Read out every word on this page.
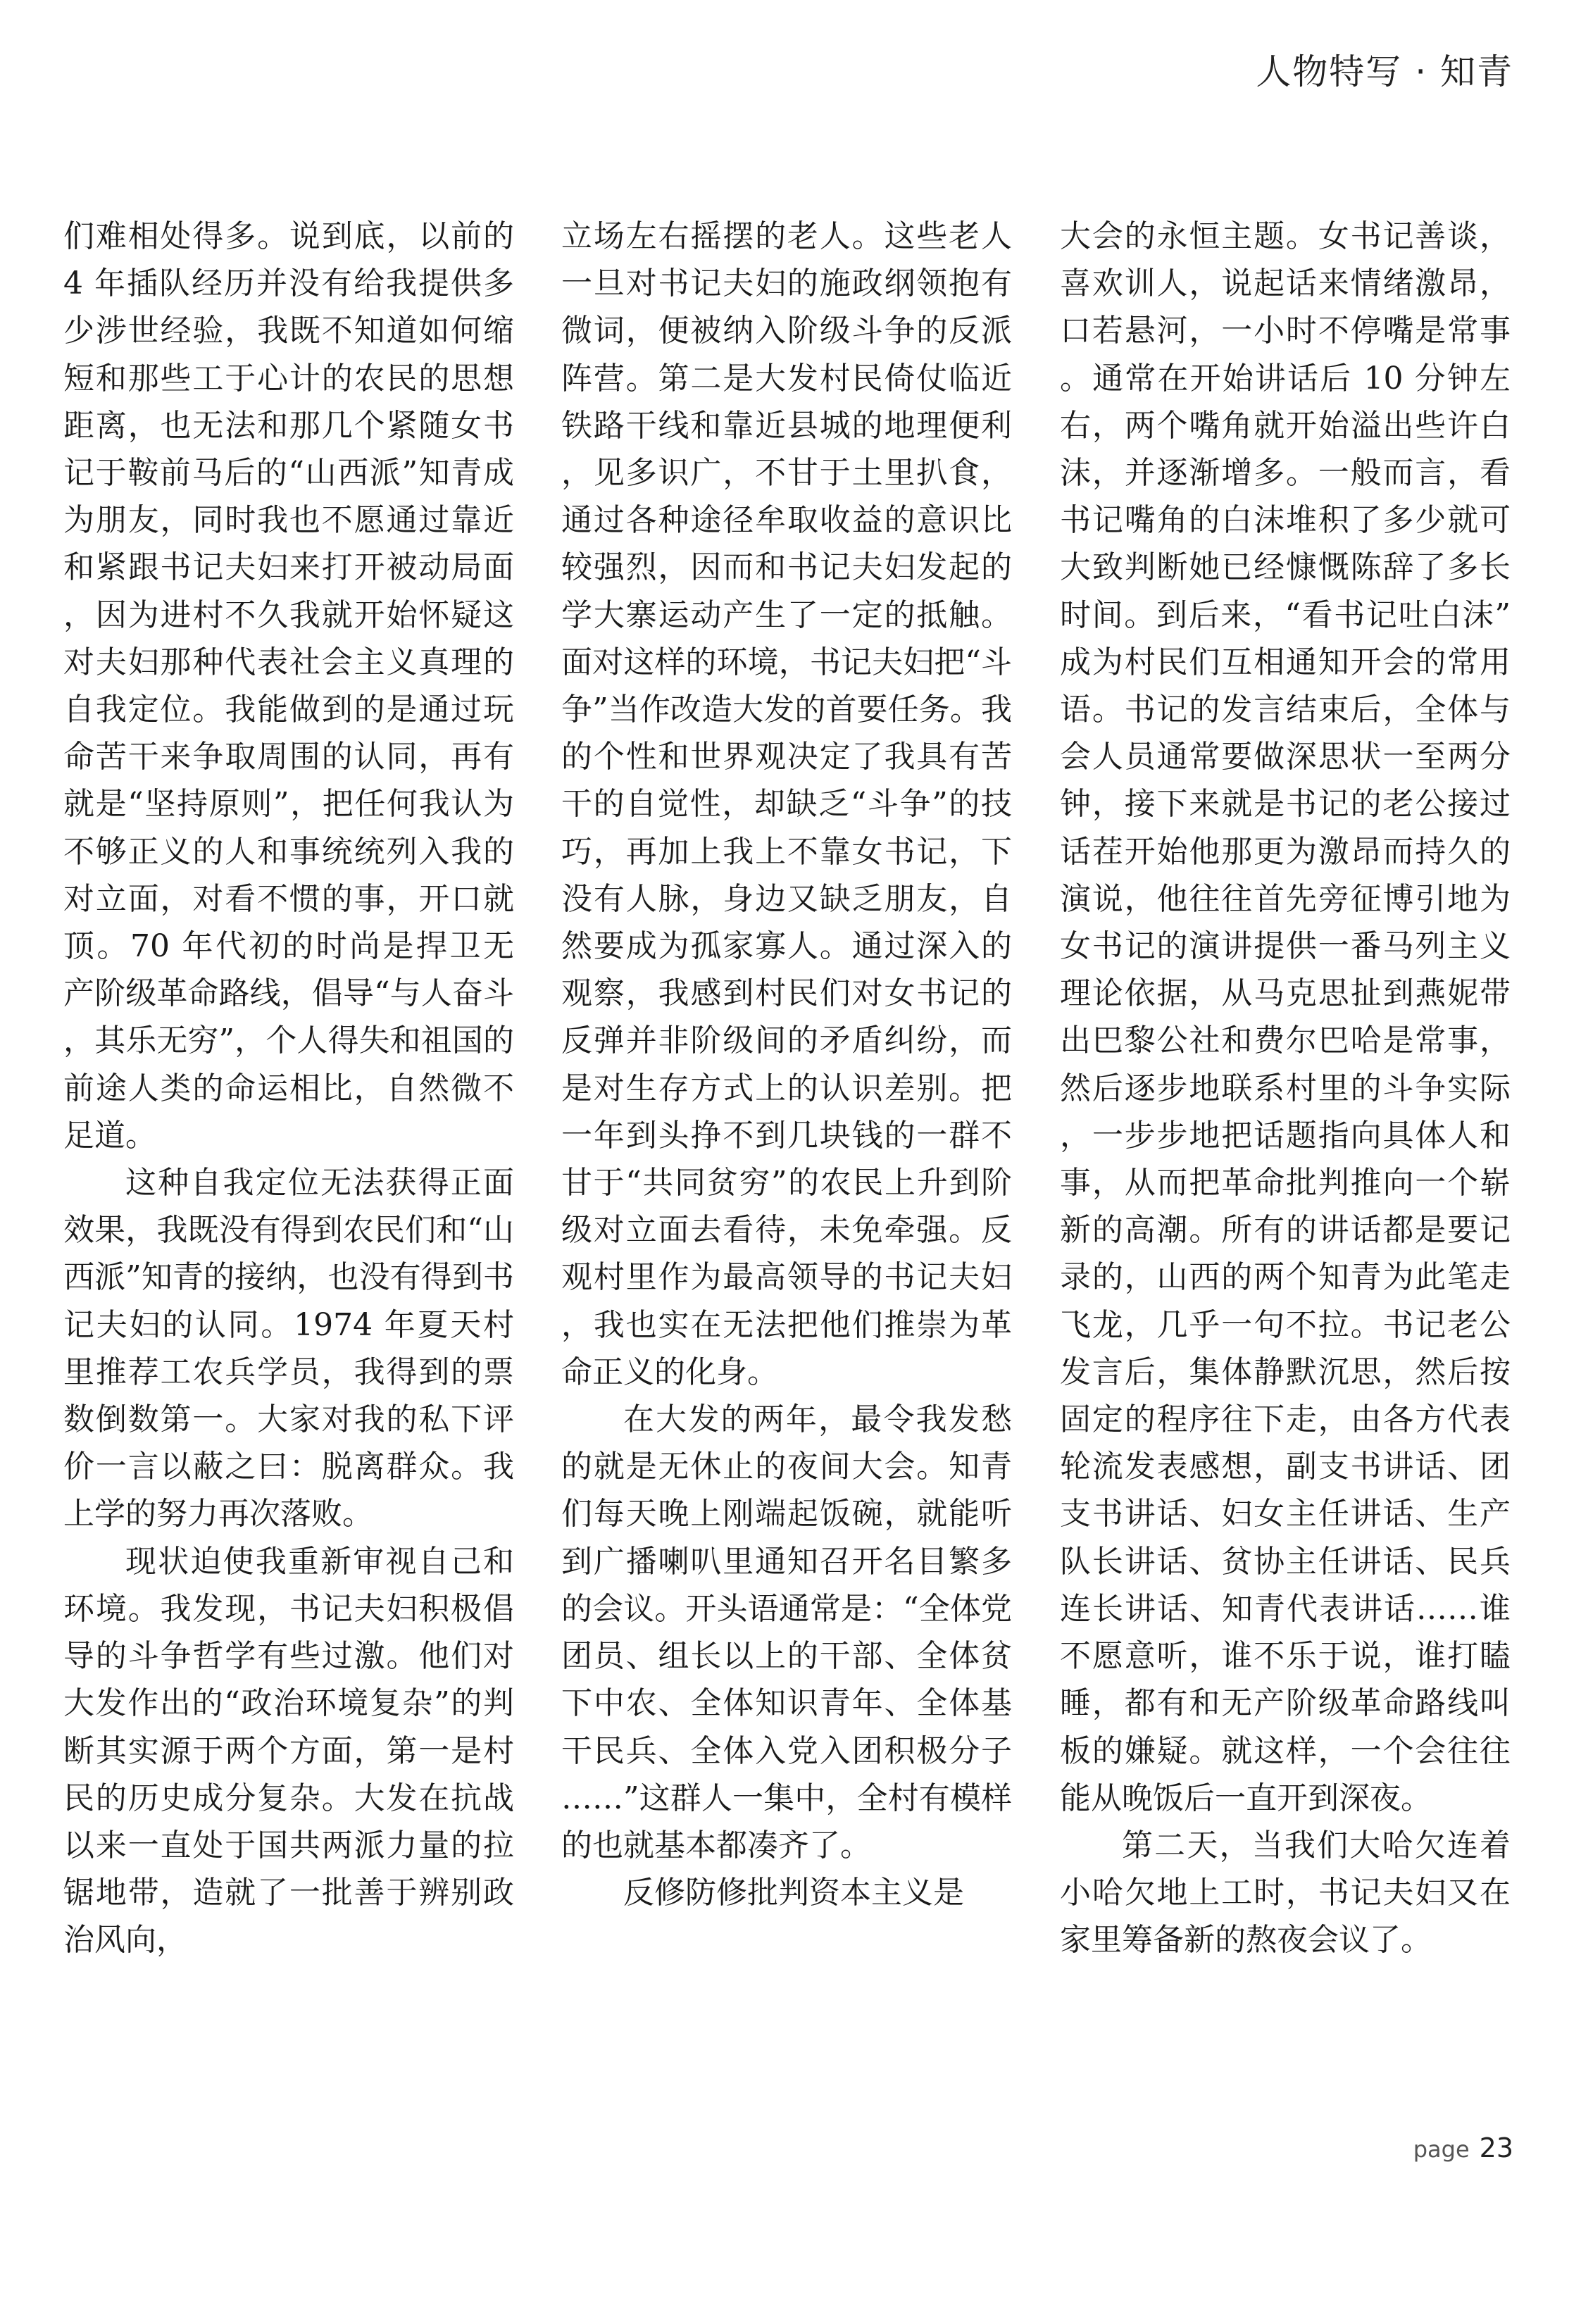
人物特写 · 知青

们难相处得多。说到底，以前的 4 年插队经历并没有给我提供多少涉世经验，我既不知道如何缩短和那些工于心计的农民的思想距离，也无法和那几个紧随女书记于鞍前马后的“山西派”知青成为朋友，同时我也不愿通过靠近和紧跟书记夫妇来打开被动局面，因为进村不久我就开始怀疑这对夫妇那种代表社会主义真理的自我定位。我能做到的是通过玩命苦干来争取周围的认同，再有就是“坚持原则”，把任何我认为不够正义的人和事统统列入我的对立面，对看不惯的事，开口就顶。70 年代初的时尚是捍卫无产阶级革命路线，倡导“与人奋斗，其乐无穷”，个人得失和祖国的前途人类的命运相比，自然微不足道。

这种自我定位无法获得正面效果，我既没有得到农民们和“山西派”知青的接纳，也没有得到书记夫妇的认同。1974 年夏天村里推荐工农兵学员，我得到的票数倒数第一。大家对我的私下评价一言以蔽之曰：脱离群众。我上学的努力再次落败。

现状迫使我重新审视自己和环境。我发现，书记夫妇积极倡导的斗争哲学有些过激。他们对大发作出的“政治环境复杂”的判断其实源于两个方面，第一是村民的历史成分复杂。大发在抗战以来一直处于国共两派力量的拉锯地带，造就了一批善于辨别政治风向，

立场左右摇摆的老人。这些老人一旦对书记夫妇的施政纲领抱有微词，便被纳入阶级斗争的反派阵营。第二是大发村民倚仗临近铁路干线和靠近县城的地理便利，见多识广，不甘于土里扒食，通过各种途径牟取收益的意识比较强烈，因而和书记夫妇发起的学大寨运动产生了一定的抵触。面对这样的环境，书记夫妇把“斗争”当作改造大发的首要任务。我的个性和世界观决定了我具有苦干的自觉性，却缺乏“斗争”的技巧，再加上我上不靠女书记，下没有人脉，身边又缺乏朋友，自然要成为孤家寡人。通过深入的观察，我感到村民们对女书记的反弹并非阶级间的矛盾纠纷，而是对生存方式上的认识差别。把一年到头挣不到几块钱的一群不甘于“共同贫穷”的农民上升到阶级对立面去看待，未免牵强。反观村里作为最高领导的书记夫妇，我也实在无法把他们推崇为革命正义的化身。

在大发的两年，最令我发愁的就是无休止的夜间大会。知青们每天晚上刚端起饭碗，就能听到广播喇叭里通知召开名目繁多的会议。开头语通常是：“全体党团员、组长以上的干部、全体贫下中农、全体知识青年、全体基干民兵、全体入党入团积极分子……”这群人一集中，全村有模样的也就基本都凑齐了。

反修防修批判资本主义是

大会的永恒主题。女书记善谈，喜欢训人，说起话来情绪激昂，口若悬河，一小时不停嘴是常事。通常在开始讲话后 10 分钟左右，两个嘴角就开始溢出些许白沫，并逐渐增多。一般而言，看书记嘴角的白沫堆积了多少就可大致判断她已经慷慨陈辞了多长时间。到后来，“看书记吐白沫”成为村民们互相通知开会的常用语。书记的发言结束后，全体与会人员通常要做深思状一至两分钟，接下来就是书记的老公接过话茬开始他那更为激昂而持久的演说，他往往首先旁征博引地为女书记的演讲提供一番马列主义理论依据，从马克思扯到燕妮带出巴黎公社和费尔巴哈是常事，然后逐步地联系村里的斗争实际，一步步地把话题指向具体人和事，从而把革命批判推向一个崭新的高潮。所有的讲话都是要记录的，山西的两个知青为此笔走飞龙，几乎一句不拉。书记老公发言后，集体静默沉思，然后按固定的程序往下走，由各方代表轮流发表感想，副支书讲话、团支书讲话、妇女主任讲话、生产队长讲话、贫协主任讲话、民兵连长讲话、知青代表讲话……谁不愿意听，谁不乐于说，谁打瞌睡，都有和无产阶级革命路线叫板的嫌疑。就这样，一个会往往能从晚饭后一直开到深夜。

第二天，当我们大哈欠连着小哈欠地上工时，书记夫妇又在家里筹备新的熬夜会议了。

page 23
